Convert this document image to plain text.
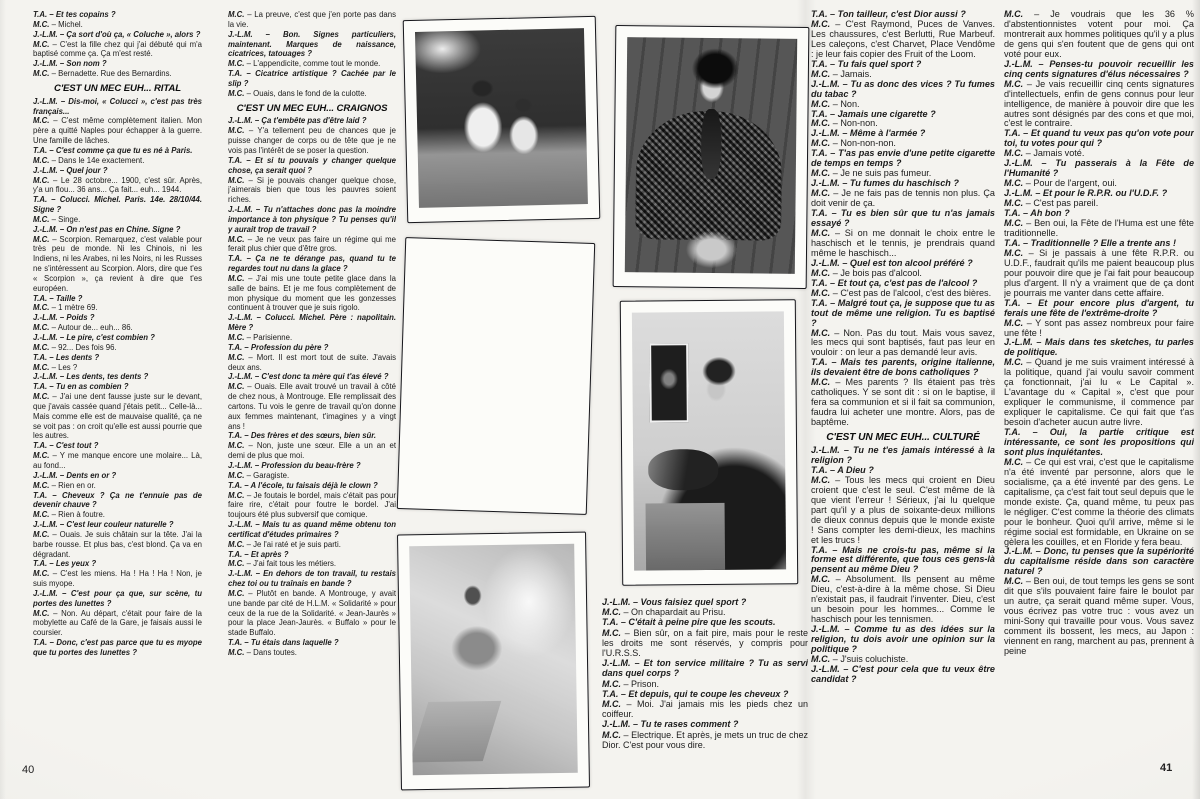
T.A. – Et tes copains ?

M.C. – Michel.

J.-L.M. – Ça sort d'où ça, « Coluche », alors ?

M.C. – C'est la fille chez qui j'ai débuté qui m'a baptisé comme ça. Ça m'est resté.

J.-L.M. – Son nom ?

M.C. – Bernadette. Rue des Bernardins.

C'EST UN MEC EUH... RITAL

J.-L.M. – Dis-moi, « Colucci », c'est pas très français...

M.C. – C'est même complètement italien. Mon père a quitté Naples pour échapper à la guerre. Une famille de lâches.

T.A. – C'est comme ça que tu es né à Paris.

M.C. – Dans le 14e exactement.

J.-L.M. – Quel jour ?

M.C. – Le 28 octobre... 1900, c'est sûr. Après, y'a un flou... 36 ans... Ça fait... euh... 1944.

T.A. – Colucci. Michel. Paris. 14e. 28/10/44. Signe ?

M.C. – Singe.

J.-L.M. – On n'est pas en Chine. Signe ?

M.C. – Scorpion. Remarquez, c'est valable pour très peu de monde. Ni les Chinois, ni les Indiens, ni les Arabes, ni les Noirs, ni les Russes ne s'intéressent au Scorpion. Alors, dire que t'es « Scorpion », ça revient à dire que t'es européen.

T.A. – Taille ?

M.C. – 1 mètre 69.

J.-L.M. – Poids ?

M.C. – Autour de... euh... 86.

J.-L.M. – Le pire, c'est combien ?

M.C. – 92... Des fois 96.

T.A. – Les dents ?

M.C. – Les ?

J.-L.M. – Les dents, tes dents ?

T.A. – Tu en as combien ?

M.C. – J'ai une dent fausse juste sur le devant, que j'avais cassée quand j'étais petit... Celle-là... Mais comme elle est de mauvaise qualité, ça ne se voit pas : on croit qu'elle est aussi pourrie que les autres.

T.A. – C'est tout ?

M.C. – Y me manque encore une molaire... Là, au fond...

J.-L.M. – Dents en or ?

M.C. – Rien en or.

T.A. – Cheveux ? Ça ne t'ennuie pas de devenir chauve ?

M.C. – Rien à foutre.

J.-L.M. – C'est leur couleur naturelle ?

M.C. – Ouais. Je suis châtain sur la tête. J'ai la barbe rousse. Et plus bas, c'est blond. Ça va en dégradant.

T.A. – Les yeux ?

M.C. – C'est les miens. Ha ! Ha ! Ha ! Non, je suis myope.

J.-L.M. – C'est pour ça que, sur scène, tu portes des lunettes ?

M.C. – Non. Au départ, c'était pour faire de la mobylette au Café de la Gare, je faisais aussi le coursier.

T.A. – Donc, c'est pas parce que tu es myope que tu portes des lunettes ?

M.C. – La preuve, c'est que j'en porte pas dans la vie.

J.-L.M. – Bon. Signes particuliers, maintenant. Marques de naissance, cicatrices, tatouages ?

M.C. – L'appendicite, comme tout le monde.

T.A. – Cicatrice artistique ? Cachée par le slip ?

M.C. – Ouais, dans le fond de la culotte.

C'EST UN MEC EUH... CRAIGNOS

J.-L.M. – Ça t'embête pas d'être laid ?

M.C. – Y'a tellement peu de chances que je puisse changer de corps ou de tête que je ne vois pas l'intérêt de se poser la question.

T.A. – Et si tu pouvais y changer quelque chose, ça serait quoi ?

M.C. – Si je pouvais changer quelque chose, j'aimerais bien que tous les pauvres soient riches.

J.-L.M. – Tu n'attaches donc pas la moindre importance à ton physique ? Tu penses qu'il y aurait trop de travail ?

M.C. – Je ne veux pas faire un régime qui me ferait plus chier que d'être gros.

T.A. – Ça ne te dérange pas, quand tu te regardes tout nu dans la glace ?

M.C. – J'ai mis une toute petite glace dans la salle de bains. Et je me fous complètement de mon physique du moment que les gonzesses continuent à trouver que je suis rigolo.

J.-L.M. – Colucci. Michel. Père : napolitain. Mère ?

M.C. – Parisienne.

T.A. – Profession du père ?

M.C. – Mort. Il est mort tout de suite. J'avais deux ans.

J.-L.M. – C'est donc ta mère qui t'as élevé ?

M.C. – Ouais. Elle avait trouvé un travail à côté de chez nous, à Montrouge. Elle remplissait des cartons. Tu vois le genre de travail qu'on donne aux femmes maintenant, t'imagines y a vingt ans !

T.A. – Des frères et des sœurs, bien sûr.

M.C. – Non, juste une sœur. Elle a un an et demi de plus que moi.

J.-L.M. – Profession du beau-frère ?

M.C. – Garagiste.

T.A. – A l'école, tu faisais déjà le clown ?

M.C. – Je foutais le bordel, mais c'était pas pour faire rire, c'était pour foutre le bordel. J'ai toujours été plus subversif que comique.

J.-L.M. – Mais tu as quand même obtenu ton certificat d'études primaires ?

M.C. – Je l'ai raté et je suis parti.

T.A. – Et après ?

M.C. – J'ai fait tous les métiers.

J.-L.M. – En dehors de ton travail, tu restais chez toi ou tu traînais en bande ?

M.C. – Plutôt en bande. A Montrouge, y avait une bande par cité de H.L.M. « Solidarité » pour ceux de la rue de la Solidarité. « Jean-Jaurès » pour la place Jean-Jaurès. « Buffalo » pour le stade Buffalo.

T.A. – Tu étais dans laquelle ?

M.C. – Dans toutes.

J.-L.M. – Vous faisiez quel sport ?

M.C. – On chapardait au Prisu.

T.A. – C'était à peine pire que les scouts.

M.C. – Bien sûr, on a fait pire, mais pour le reste les droits me sont réservés, y compris pour l'U.R.S.S.

J.-L.M. – Et ton service militaire ? Tu as servi dans quel corps ?

M.C. – Prison.

T.A. – Et depuis, qui te coupe les cheveux ?

M.C. – Moi. J'ai jamais mis les pieds chez un coiffeur.

J.-L.M. – Tu te rases comment ?

M.C. – Electrique. Et après, je mets un truc de chez Dior. C'est pour vous dire.

T.A. – Ton tailleur, c'est Dior aussi ?

M.C. – C'est Raymond, Puces de Vanves. Les chaussures, c'est Berlutti, Rue Marbeuf. Les caleçons, c'est Charvet, Place Vendôme : je leur fais copier des Fruit of the Loom.

T.A. – Tu fais quel sport ?

M.C. – Jamais.

J.-L.M. – Tu as donc des vices ? Tu fumes du tabac ?

M.C. – Non.

T.A. – Jamais une cigarette ?

M.C. – Non-non.

J.-L.M. – Même à l'armée ?

M.C. – Non-non-non.

T.A. – T'as pas envie d'une petite cigarette de temps en temps ?

M.C. – Je ne suis pas fumeur.

J.-L.M. – Tu fumes du haschisch ?

M.C. – Je ne fais pas de tennis non plus. Ça doit venir de ça.

T.A. – Tu es bien sûr que tu n'as jamais essayé ?

M.C. – Si on me donnait le choix entre le haschisch et le tennis, je prendrais quand même le haschisch...

J.-L.M. – Quel est ton alcool préféré ?

M.C. – Je bois pas d'alcool.

T.A. – Et tout ça, c'est pas de l'alcool ?

M.C. – C'est pas de l'alcool, c'est des bières.

T.A. – Malgré tout ça, je suppose que tu as tout de même une religion. Tu es baptisé ?

M.C. – Non. Pas du tout. Mais vous savez, les mecs qui sont baptisés, faut pas leur en vouloir : on leur a pas demandé leur avis.

T.A. – Mais tes parents, origine italienne, ils devaient être de bons catholiques ?

M.C. – Mes parents ? Ils étaient pas très catholiques. Y se sont dit : si on le baptise, il fera sa communion et si il fait sa communion, faudra lui acheter une montre. Alors, pas de baptême.

C'EST UN MEC EUH... CULTURÉ

J.-L.M. – Tu ne t'es jamais intéressé à la religion ?

T.A. – A Dieu ?

M.C. – Tous les mecs qui croient en Dieu croient que c'est le seul. C'est même de là que vient l'erreur ! Sérieux, j'ai lu quelque part qu'il y a plus de soixante-deux millions de dieux connus depuis que le monde existe ! Sans compter les demi-dieux, les machins et les trucs !

T.A. – Mais ne crois-tu pas, même si la forme est différente, que tous ces gens-là pensent au même Dieu ?

M.C. – Absolument. Ils pensent au même Dieu, c'est-à-dire à la même chose. Si Dieu n'existait pas, il faudrait l'inventer. Dieu, c'est un besoin pour les hommes... Comme le haschisch pour les tennismen.

J.-L.M. – Comme tu as des idées sur la religion, tu dois avoir une opinion sur la politique ?

M.C. – J'suis coluchiste.

J.-L.M. – C'est pour cela que tu veux être candidat ?

M.C. – Je voudrais que les 36 % d'abstentionnistes votent pour moi. Ça montrerait aux hommes politiques qu'il y a plus de gens qui s'en foutent que de gens qui ont voté pour eux.

J.-L.M. – Penses-tu pouvoir recueillir les cinq cents signatures d'élus nécessaires ?

M.C. – Je vais recueillir cinq cents signatures d'intellectuels, enfin de gens connus pour leur intelligence, de manière à pouvoir dire que les autres sont désignés par des cons et que moi, c'est le contraire.

T.A. – Et quand tu veux pas qu'on vote pour toi, tu votes pour qui ?

M.C. – Jamais voté.

J.-L.M. – Tu passerais à la Fête de l'Humanité ?

M.C. – Pour de l'argent, oui.

J.-L.M. – Et pour le R.P.R. ou l'U.D.F. ?

M.C. – C'est pas pareil.

T.A. – Ah bon ?

M.C. – Ben oui, la Fête de l'Huma est une fête traditionnelle.

T.A. – Traditionnelle ? Elle a trente ans !

M.C. – Si je passais à une fête R.P.R. ou U.D.F., faudrait qu'ils me paient beaucoup plus pour pouvoir dire que je l'ai fait pour beaucoup plus d'argent. Il n'y a vraiment que de ça dont je pourrais me vanter dans cette affaire.

T.A. – Et pour encore plus d'argent, tu ferais une fête de l'extrême-droite ?

M.C. – Y sont pas assez nombreux pour faire une fête !

J.-L.M. – Mais dans tes sketches, tu parles de politique.

M.C. – Quand je me suis vraiment intéressé à la politique, quand j'ai voulu savoir comment ça fonctionnait, j'ai lu « Le Capital ». L'avantage du « Capital », c'est que pour expliquer le communisme, il commence par expliquer le capitalisme. Ce qui fait que t'as besoin d'acheter aucun autre livre.

T.A. – Oui, la partie critique est intéressante, ce sont les propositions qui sont plus inquiétantes.

M.C. – Ce qui est vrai, c'est que le capitalisme n'a été inventé par personne, alors que le socialisme, ça a été inventé par des gens. Le capitalisme, ça c'est fait tout seul depuis que le monde existe. Ça, quand même, tu peux pas le négliger. C'est comme la théorie des climats pour le bonheur. Quoi qu'il arrive, même si le régime social est formidable, en Ukraine on se gèlera les couilles, et en Floride y fera beau.

J.-L.M. – Donc, tu penses que la supériorité du capitalisme réside dans son caractère naturel ?

M.C. – Ben oui, de tout temps les gens se sont dit que s'ils pouvaient faire faire le boulot par un autre, ça serait quand même super. Vous, vous écrivez pas votre truc : vous avez un mini-Sony qui travaille pour vous. Vous savez comment ils bossent, les mecs, au Japon : viennent en rang, marchent au pas, prennent à peine

40	41
